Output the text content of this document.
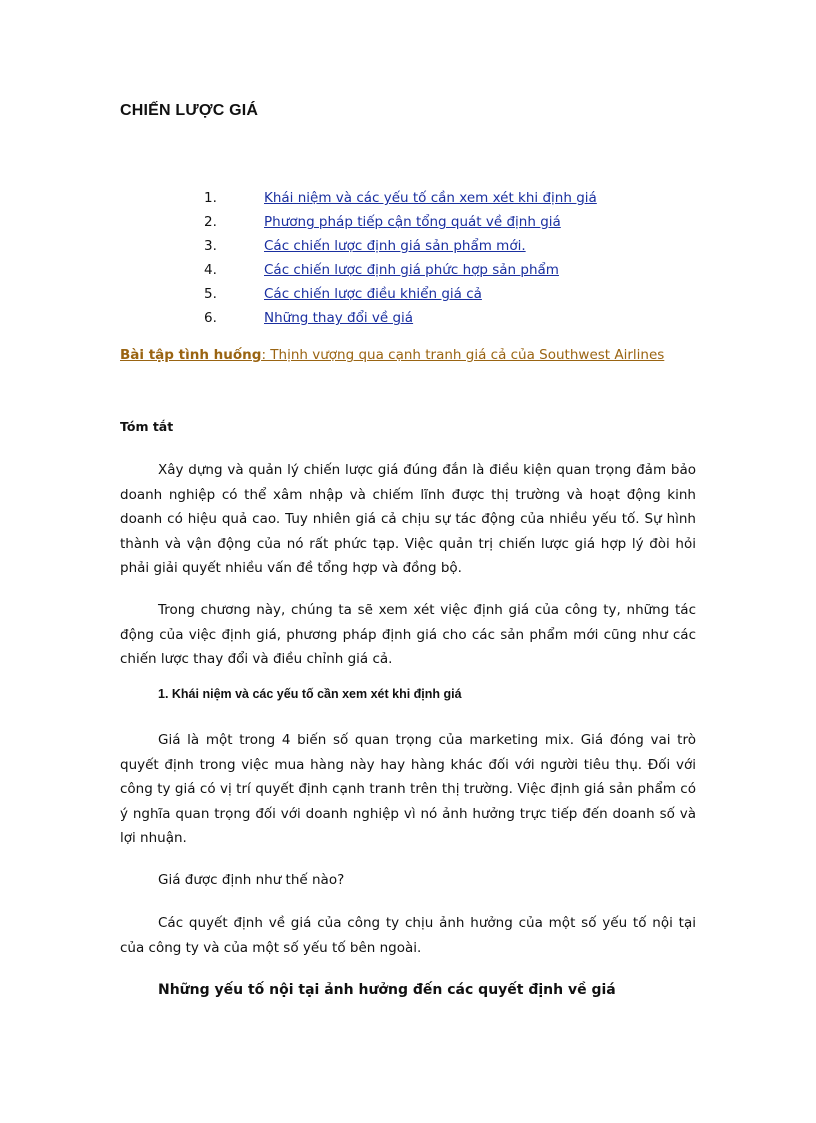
CHIẾN LƯỢC GIÁ
1.	Khái niệm và các yếu tố cần xem xét khi định giá
2.	Phương pháp tiếp cận tổng quát về định giá
3.	Các chiến lược định giá sản phẩm mới.
4.	Các chiến lược định giá phức hợp sản phẩm
5.	Các chiến lược điều khiển giá cả
6.	Những thay đổi về giá
Bài tập tình huống: Thịnh vượng qua cạnh tranh giá cả của Southwest Airlines
Tóm tắt

Xây dựng và quản lý chiến lược giá đúng đắn là điều kiện quan trọng đảm bảo doanh nghiệp có thể xâm nhập và chiếm lĩnh được thị trường và hoạt động kinh doanh có hiệu quả cao. Tuy nhiên giá cả chịu sự tác động của nhiều yếu tố. Sự hình thành và vận động của nó rất phức tạp. Việc quản trị chiến lược giá hợp lý đòi hỏi phải giải quyết nhiều vấn đề tổng hợp và đồng bộ.

Trong chương này, chúng ta sẽ xem xét việc định giá của công ty, những tác động của việc định giá, phương pháp định giá cho các sản phẩm mới cũng như các chiến lược thay đổi và điều chỉnh giá cả.

1. Khái niệm và các yếu tố cần xem xét khi định giá

Giá là một trong 4 biến số quan trọng của marketing mix. Giá đóng vai trò quyết định trong việc mua hàng này hay hàng khác đối với người tiêu thụ. Đối với công ty giá có vị trí quyết định cạnh tranh trên thị trường. Việc định giá sản phẩm có ý nghĩa quan trọng đối với doanh nghiệp vì nó ảnh hưởng trực tiếp đến doanh số và lợi nhuận.

Giá được định như thế nào?

Các quyết định về giá của công ty chịu ảnh hưởng của một số yếu tố nội tại của công ty và của một số yếu tố bên ngoài.

Những yếu tố nội tại ảnh hưởng đến các quyết định về giá
